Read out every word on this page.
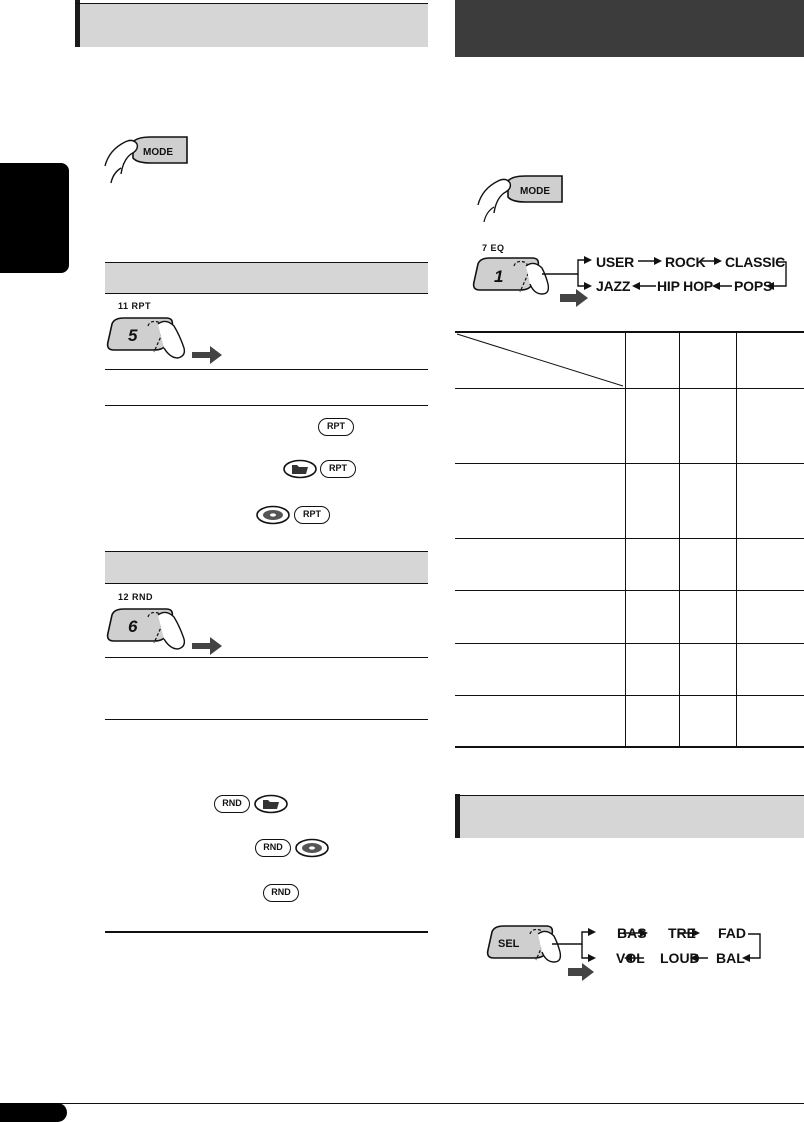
MODE
11 RPT
5
RPT
RPT
RPT
12 RND
6
RND
RND
RND
MODE
7 EQ
1
USER ROCK CLASSIC
JAZZ HIP HOP POPS
SEL
BAS TRE FAD
VOL LOUD BAL
